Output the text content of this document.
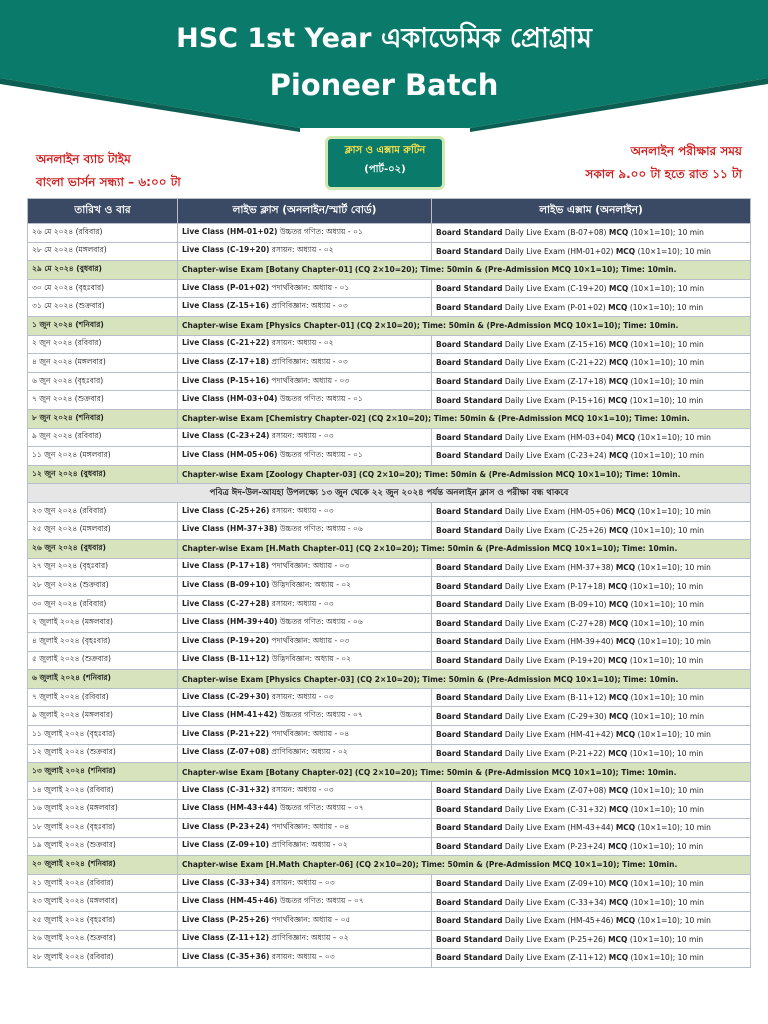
HSC 1st Year একাডেমিক প্রোগ্রাম
Pioneer Batch
অনলাইন ব্যাচ টাইম
বাংলা ভার্সন সন্ধ্যা – ৬:০০ টা
ক্লাস ও এক্সাম রুটিন
(পার্ট-০২)
অনলাইন পরীক্ষার সময়
সকাল ৯.০০ টা হতে রাত ১১ টা
তারিখ ও বার	লাইভ ক্লাস (অনলাইন/স্মার্ট বোর্ড)	লাইভ এক্সাম (অনলাইন)
২৬ মে ২০২৪ (রবিবার)	Live Class (HM-01+02) উচ্চতর গণিত: অধ্যায় - ০১	Board Standard Daily Live Exam (B-07+08) MCQ (10×1=10); 10 min
২৮ মে ২০২৪ (মঙ্গলবার)	Live Class (C-19+20) রসায়ন: অধ্যায় - ০২	Board Standard Daily Live Exam (HM-01+02) MCQ (10×1=10); 10 min
২৯ মে ২০২৪ (বুধবার)	Chapter-wise Exam [Botany Chapter-01] (CQ 2×10=20); Time: 50min & (Pre-Admission MCQ 10×1=10); Time: 10min.	
৩০ মে ২০২৪ (বৃহঃবার)	Live Class (P-01+02) পদার্থবিজ্ঞান: অধ্যায় - ০১	Board Standard Daily Live Exam (C-19+20) MCQ (10×1=10); 10 min
৩১ মে ২০২৪ (শুক্রবার)	Live Class (Z-15+16) প্রাণিবিজ্ঞান: অধ্যায় - ০৩	Board Standard Daily Live Exam (P-01+02) MCQ (10×1=10); 10 min
১ জুন ২০২৪ (শনিবার)	Chapter-wise Exam [Physics Chapter-01] (CQ 2×10=20); Time: 50min & (Pre-Admission MCQ 10×1=10); Time: 10min.	
২ জুন ২০২৪ (রবিবার)	Live Class (C-21+22) রসায়ন: অধ্যায় - ০২	Board Standard Daily Live Exam (Z-15+16) MCQ (10×1=10); 10 min
৪ জুন ২০২৪ (মঙ্গলবার)	Live Class (Z-17+18) প্রাণিবিজ্ঞান: অধ্যায় - ০৩	Board Standard Daily Live Exam (C-21+22) MCQ (10×1=10); 10 min
৬ জুন ২০২৪ (বৃহঃবার)	Live Class (P-15+16) পদার্থবিজ্ঞান: অধ্যায় - ০৩	Board Standard Daily Live Exam (Z-17+18) MCQ (10×1=10); 10 min
৭ জুন ২০২৪ (শুক্রবার)	Live Class (HM-03+04) উচ্চতর গণিত: অধ্যায় - ০১	Board Standard Daily Live Exam (P-15+16) MCQ (10×1=10); 10 min
৮ জুন ২০২৪ (শনিবার)	Chapter-wise Exam [Chemistry Chapter-02] (CQ 2×10=20); Time: 50min & (Pre-Admission MCQ 10×1=10); Time: 10min.	
৯ জুন ২০২৪ (রবিবার)	Live Class (C-23+24) রসায়ন: অধ্যায় - ০৩	Board Standard Daily Live Exam (HM-03+04) MCQ (10×1=10); 10 min
১১ জুন ২০২৪ (মঙ্গলবার)	Live Class (HM-05+06) উচ্চতর গণিত: অধ্যায় - ০১	Board Standard Daily Live Exam (C-23+24) MCQ (10×1=10); 10 min
১২ জুন ২০২৪ (বুধবার)	Chapter-wise Exam [Zoology Chapter-03] (CQ 2×10=20); Time: 50min & (Pre-Admission MCQ 10×1=10); Time: 10min.	
পবিত্র ঈদ-উল-আযহা উপলক্ষ্যে ১৩ জুন থেকে ২২ জুন ২০২৪ পর্যন্ত অনলাইন ক্লাস ও পরীক্ষা বন্ধ থাকবে		
২৩ জুন ২০২৪ (রবিবার)	Live Class (C-25+26) রসায়ন: অধ্যায় - ০৩	Board Standard Daily Live Exam (HM-05+06) MCQ (10×1=10); 10 min
২৫ জুন ২০২৪ (মঙ্গলবার)	Live Class (HM-37+38) উচ্চতর গণিত: অধ্যায় - ০৬	Board Standard Daily Live Exam (C-25+26) MCQ (10×1=10); 10 min
২৬ জুন ২০২৪ (বুধবার)	Chapter-wise Exam [H.Math Chapter-01] (CQ 2×10=20); Time: 50min & (Pre-Admission MCQ 10×1=10); Time: 10min.	
২৭ জুন ২০২৪ (বৃহঃবার)	Live Class (P-17+18) পদার্থবিজ্ঞান: অধ্যায় - ০৩	Board Standard Daily Live Exam (HM-37+38) MCQ (10×1=10); 10 min
২৮ জুন ২০২৪ (শুক্রবার)	Live Class (B-09+10) উদ্ভিদবিজ্ঞান: অধ্যায় - ০২	Board Standard Daily Live Exam (P-17+18) MCQ (10×1=10); 10 min
৩০ জুন ২০২৪ (রবিবার)	Live Class (C-27+28) রসায়ন: অধ্যায় - ০৩	Board Standard Daily Live Exam (B-09+10) MCQ (10×1=10); 10 min
২ জুলাই ২০২৪ (মঙ্গলবার)	Live Class (HM-39+40) উচ্চতর গণিত: অধ্যায় - ০৬	Board Standard Daily Live Exam (C-27+28) MCQ (10×1=10); 10 min
৪ জুলাই ২০২৪ (বৃহঃবার)	Live Class (P-19+20) পদার্থবিজ্ঞান: অধ্যায় - ০৩	Board Standard Daily Live Exam (HM-39+40) MCQ (10×1=10); 10 min
৫ জুলাই ২০২৪ (শুক্রবার)	Live Class (B-11+12) উদ্ভিদবিজ্ঞান: অধ্যায় - ০২	Board Standard Daily Live Exam (P-19+20) MCQ (10×1=10); 10 min
৬ জুলাই ২০২৪ (শনিবার)	Chapter-wise Exam [Physics Chapter-03] (CQ 2×10=20); Time: 50min & (Pre-Admission MCQ 10×1=10); Time: 10min.	
৭ জুলাই ২০২৪ (রবিবার)	Live Class (C-29+30) রসায়ন: অধ্যায় - ০৩	Board Standard Daily Live Exam (B-11+12) MCQ (10×1=10); 10 min
৯ জুলাই ২০২৪ (মঙ্গলবার)	Live Class (HM-41+42) উচ্চতর গণিত: অধ্যায় - ০৭	Board Standard Daily Live Exam (C-29+30) MCQ (10×1=10); 10 min
১১ জুলাই ২০২৪ (বৃহঃবার)	Live Class (P-21+22) পদার্থবিজ্ঞান: অধ্যায় - ০৪	Board Standard Daily Live Exam (HM-41+42) MCQ (10×1=10); 10 min
১২ জুলাই ২০২৪ (শুক্রবার)	Live Class (Z-07+08) প্রাণিবিজ্ঞান: অধ্যায় - ০২	Board Standard Daily Live Exam (P-21+22) MCQ (10×1=10); 10 min
১৩ জুলাই ২০২৪ (শনিবার)	Chapter-wise Exam [Botany Chapter-02] (CQ 2×10=20); Time: 50min & (Pre-Admission MCQ 10×1=10); Time: 10min.	
১৪ জুলাই ২০২৪ (রবিবার)	Live Class (C-31+32) রসায়ন: অধ্যায় - ০৩	Board Standard Daily Live Exam (Z-07+08) MCQ (10×1=10); 10 min
১৬ জুলাই ২০২৪ (মঙ্গলবার)	Live Class (HM-43+44) উচ্চতর গণিত: অধ্যায় – ০৭	Board Standard Daily Live Exam (C-31+32) MCQ (10×1=10); 10 min
১৮ জুলাই ২০২৪ (বৃহঃবার)	Live Class (P-23+24) পদার্থবিজ্ঞান: অধ্যায় - ০৪	Board Standard Daily Live Exam (HM-43+44) MCQ (10×1=10); 10 min
১৯ জুলাই ২০২৪ (শুক্রবার)	Live Class (Z-09+10) প্রাণিবিজ্ঞান: অধ্যায় - ০২	Board Standard Daily Live Exam (P-23+24) MCQ (10×1=10); 10 min
২০ জুলাই ২০২৪ (শনিবার)	Chapter-wise Exam [H.Math Chapter-06] (CQ 2×10=20); Time: 50min & (Pre-Admission MCQ 10×1=10); Time: 10min.	
২১ জুলাই ২০২৪ (রবিবার)	Live Class (C-33+34) রসায়ন: অধ্যায় – ০৩	Board Standard Daily Live Exam (Z-09+10) MCQ (10×1=10); 10 min
২৩ জুলাই ২০২৪ (মঙ্গলবার)	Live Class (HM-45+46) উচ্চতর গণিত: অধ্যায় – ০৭	Board Standard Daily Live Exam (C-33+34) MCQ (10×1=10); 10 min
২৫ জুলাই ২০২৪ (বৃহঃবার)	Live Class (P-25+26) পদার্থবিজ্ঞান: অধ্যায় – ০৫	Board Standard Daily Live Exam (HM-45+46) MCQ (10×1=10); 10 min
২৬ জুলাই ২০২৪ (শুক্রবার)	Live Class (Z-11+12) প্রাণিবিজ্ঞান: অধ্যায় – ০২	Board Standard Daily Live Exam (P-25+26) MCQ (10×1=10); 10 min
২৮ জুলাই ২০২৪ (রবিবার)	Live Class (C-35+36) রসায়ন: অধ্যায় – ০৩	Board Standard Daily Live Exam (Z-11+12) MCQ (10×1=10); 10 min
